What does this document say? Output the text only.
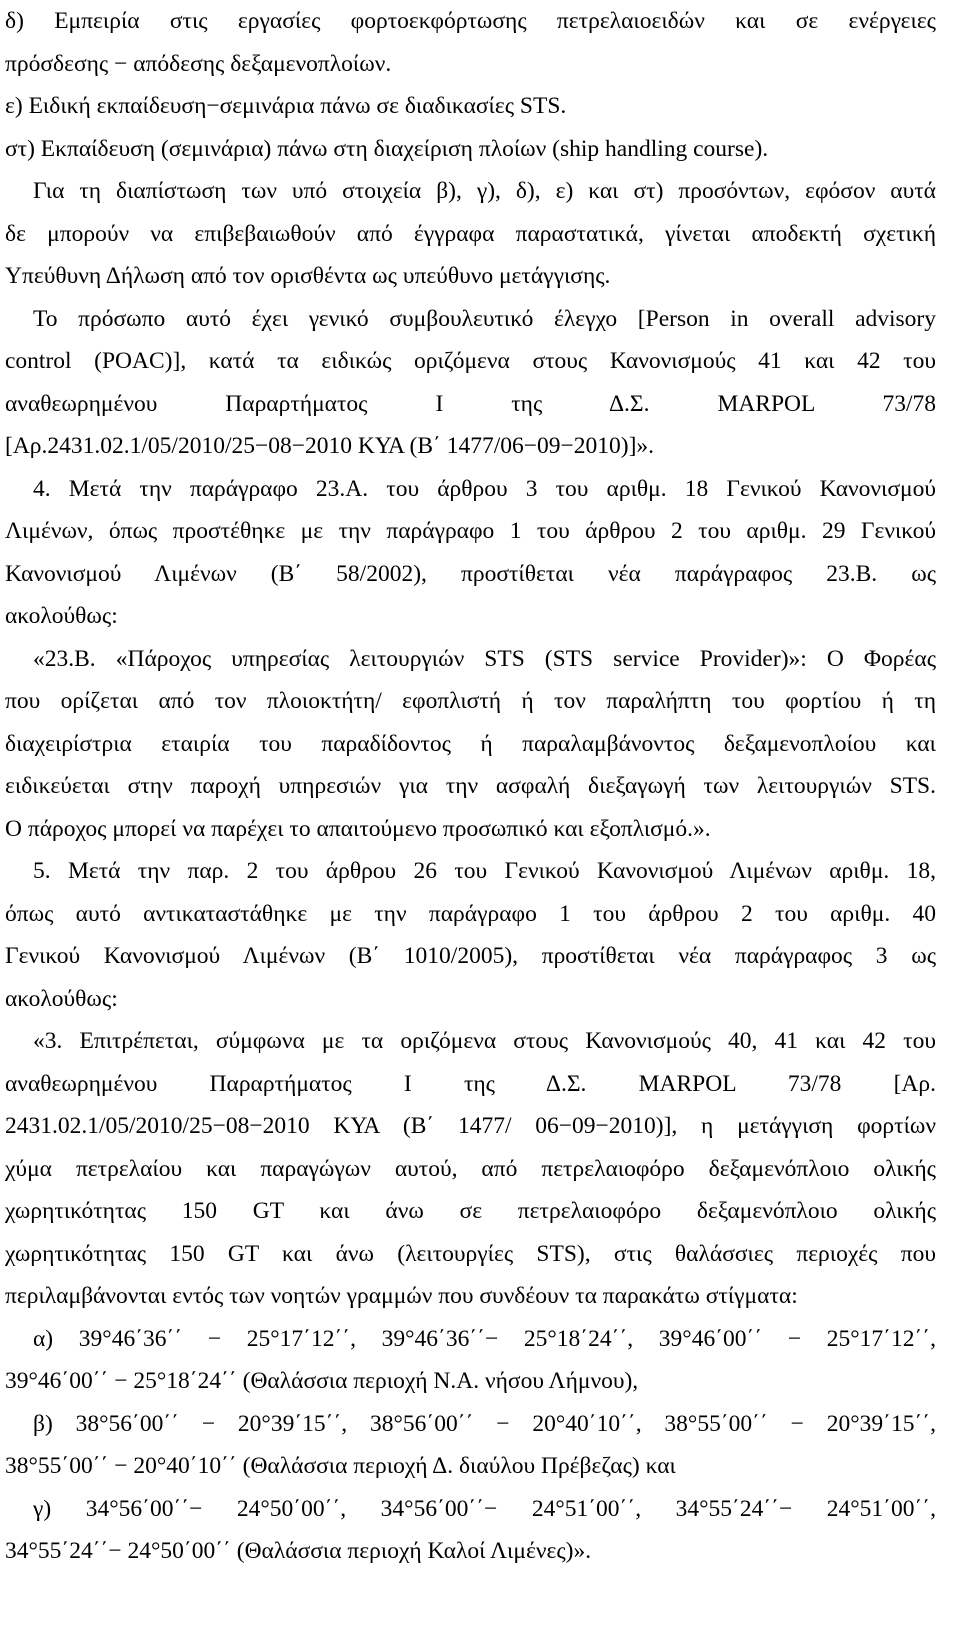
δ) Εμπειρία στις εργασίες φορτοεκφόρτωσης πετρελαιοειδών και σε ενέργειες
πρόσδεσης − απόδεσης δεξαμενοπλοίων.
ε) Ειδική εκπαίδευση−σεμινάρια πάνω σε διαδικασίες STS.
στ) Εκπαίδευση (σεμινάρια) πάνω στη διαχείριση πλοίων (ship handling course).
Για τη διαπίστωση των υπό στοιχεία β), γ), δ), ε) και στ) προσόντων, εφόσον αυτά
δε μπορούν να επιβεβαιωθούν από έγγραφα παραστατικά, γίνεται αποδεκτή σχετική
Υπεύθυνη Δήλωση από τον ορισθέντα ως υπεύθυνο μετάγγισης.
Το πρόσωπο αυτό έχει γενικό συμβουλευτικό έλεγχο [Person in overall advisory
control (POAC)], κατά τα ειδικώς οριζόμενα στους Κανονισμούς 41 και 42 του
αναθεωρημένου Παραρτήματος Ι της Δ.Σ. MARPOL 73/78
[Αρ.2431.02.1/05/2010/25−08−2010 ΚΥΑ (Β΄ 1477/06−09−2010)]».
4. Μετά την παράγραφο 23.Α. του άρθρου 3 του αριθμ. 18 Γενικού Κανονισμού
Λιμένων, όπως προστέθηκε με την παράγραφο 1 του άρθρου 2 του αριθμ. 29 Γενικού
Κανονισμού Λιμένων (Β΄ 58/2002), προστίθεται νέα παράγραφος 23.Β. ως
ακολούθως:
«23.Β. «Πάροχος υπηρεσίας λειτουργιών STS (STS service Provider)»: Ο Φορέας
που ορίζεται από τον πλοιοκτήτη/ εφοπλιστή ή τον παραλήπτη του φορτίου ή τη
διαχειρίστρια εταιρία του παραδίδοντος ή παραλαμβάνοντος δεξαμενοπλοίου και
ειδικεύεται στην παροχή υπηρεσιών για την ασφαλή διεξαγωγή των λειτουργιών STS.
Ο πάροχος μπορεί να παρέχει το απαιτούμενο προσωπικό και εξοπλισμό.».
5. Μετά την παρ. 2 του άρθρου 26 του Γενικού Κανονισμού Λιμένων αριθμ. 18,
όπως αυτό αντικαταστάθηκε με την παράγραφο 1 του άρθρου 2 του αριθμ. 40
Γενικού Κανονισμού Λιμένων (Β΄ 1010/2005), προστίθεται νέα παράγραφος 3 ως
ακολούθως:
«3. Επιτρέπεται, σύμφωνα με τα οριζόμενα στους Κανονισμούς 40, 41 και 42 του
αναθεωρημένου Παραρτήματος Ι της Δ.Σ. MARPOL 73/78 [Αρ.
2431.02.1/05/2010/25−08−2010 ΚΥΑ (Β΄ 1477/ 06−09−2010)], η μετάγγιση φορτίων
χύμα πετρελαίου και παραγώγων αυτού, από πετρελαιοφόρο δεξαμενόπλοιο ολικής
χωρητικότητας 150 GT και άνω σε πετρελαιοφόρο δεξαμενόπλοιο ολικής
χωρητικότητας 150 GT και άνω (λειτουργίες STS), στις θαλάσσιες περιοχές που
περιλαμβάνονται εντός των νοητών γραμμών που συνδέουν τα παρακάτω στίγματα:
α) 39°46΄36΄΄ − 25°17΄12΄΄, 39°46΄36΄΄− 25°18΄24΄΄, 39°46΄00΄΄ − 25°17΄12΄΄,
39°46΄00΄΄ − 25°18΄24΄΄ (Θαλάσσια περιοχή Ν.Α. νήσου Λήμνου),
β) 38°56΄00΄΄ − 20°39΄15΄΄, 38°56΄00΄΄ − 20°40΄10΄΄, 38°55΄00΄΄ − 20°39΄15΄΄,
38°55΄00΄΄ − 20°40΄10΄΄ (Θαλάσσια περιοχή Δ. διαύλου Πρέβεζας) και
γ) 34°56΄00΄΄− 24°50΄00΄΄, 34°56΄00΄΄− 24°51΄00΄΄, 34°55΄24΄΄− 24°51΄00΄΄,
34°55΄24΄΄− 24°50΄00΄΄ (Θαλάσσια περιοχή Καλοί Λιμένες)».
